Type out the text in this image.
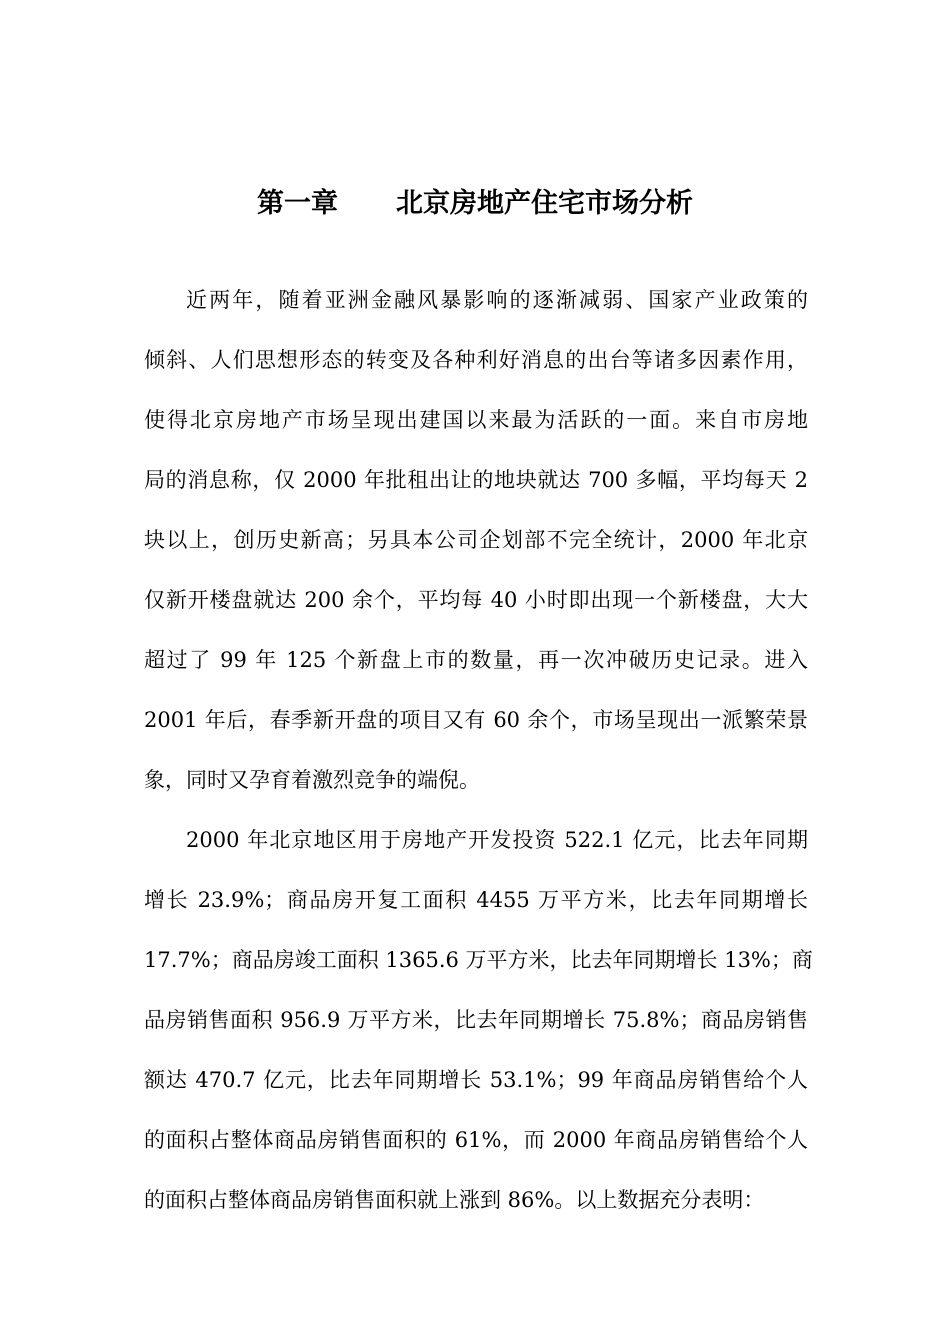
第一章 北京房地产住宅市场分析
近两年，随着亚洲金融风暴影响的逐渐减弱、国家产业政策的
倾斜、人们思想形态的转变及各种利好消息的出台等诸多因素作用，
使得北京房地产市场呈现出建国以来最为活跃的一面。来自市房地
局的消息称，仅 2000 年批租出让的地块就达 700 多幅，平均每天 2
块以上，创历史新高；另具本公司企划部不完全统计，2000 年北京
仅新开楼盘就达 200 余个，平均每 40 小时即出现一个新楼盘，大大
超过了 99 年 125 个新盘上市的数量，再一次冲破历史记录。进入
2001 年后，春季新开盘的项目又有 60 余个，市场呈现出一派繁荣景
象，同时又孕育着激烈竞争的端倪。
2000 年北京地区用于房地产开发投资 522.1 亿元，比去年同期
增长 23.9%；商品房开复工面积 4455 万平方米，比去年同期增长
17.7%；商品房竣工面积 1365.6 万平方米，比去年同期增长 13%；商
品房销售面积 956.9 万平方米，比去年同期增长 75.8%；商品房销售
额达 470.7 亿元，比去年同期增长 53.1%；99 年商品房销售给个人
的面积占整体商品房销售面积的 61%，而 2000 年商品房销售给个人
的面积占整体商品房销售面积就上涨到 86%。以上数据充分表明：
